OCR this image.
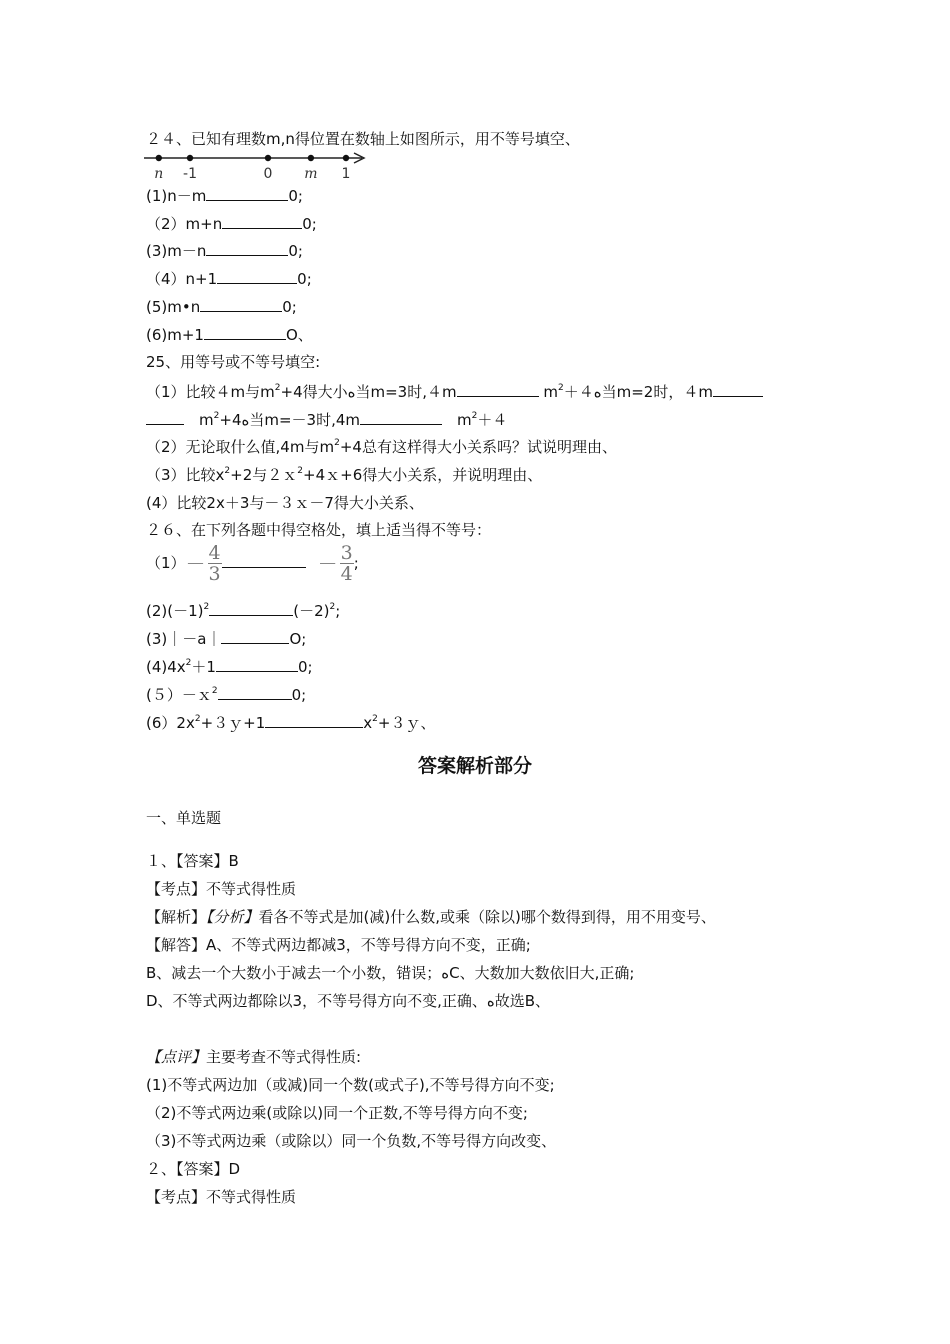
２４、已知有理数m,n得位置在数轴上如图所示，用不等号填空、
n -1	0 m 1
(1)n－m	0;
（2）m+n	0;
(3)m－n	0;
（4）n+1	0;
(5)m•n	0;
(6)m+1	O、
25、用等号或不等号填空:
（1）比较４m与$m^2+4$得大小ﻩ当m=3时,４m	$m^2+4ﻩ$当m=2时，４m
　$m^2+4ﻩ$当m=－3时,4m　	$m^2+4$
（2）无论取什么值,4m与$m^2+4$总有这样得大小关系吗？试说明理由、
（3）比较$x^2+2$与２ｘ$^2$+4ｘ+6得大小关系，并说明理由、
(4）比较2x＋3与－３ｘ－7得大小关系、
２６、在下列各题中得空格处，填上适当得不等号：
$(1)- \frac{4}{3}$	－ $\frac{3}{4}$ ;
$(2)(-1)^2$	$(-2)^2$;
(3)｜－a｜	O;
$(4)4x^2+1$	0;
(５）－ｘ$^2$	0;
$(6)2x^2+3y+1$	$x^2+3y$、
答案解析部分
一、单选题
１、【答案】B
【考点】不等式得性质
【解析】【分析】看各不等式是加(减)什么数,或乘（除以)哪个数得到得，用不用变号、
【解答】A、不等式两边都减3，不等号得方向不变，正确;
B、减去一个大数小于减去一个小数，错误；ﻩC、大数加大数依旧大,正确;
D、不等式两边都除以3，不等号得方向不变,正确、ﻩ故选B、
【点评】主要考查不等式得性质:
(1)不等式两边加（或减)同一个数(或式子),不等号得方向不变;
（2)不等式两边乘(或除以)同一个正数,不等号得方向不变;
（3)不等式两边乘（或除以）同一个负数,不等号得方向改变、
２、【答案】D
【考点】不等式得性质
